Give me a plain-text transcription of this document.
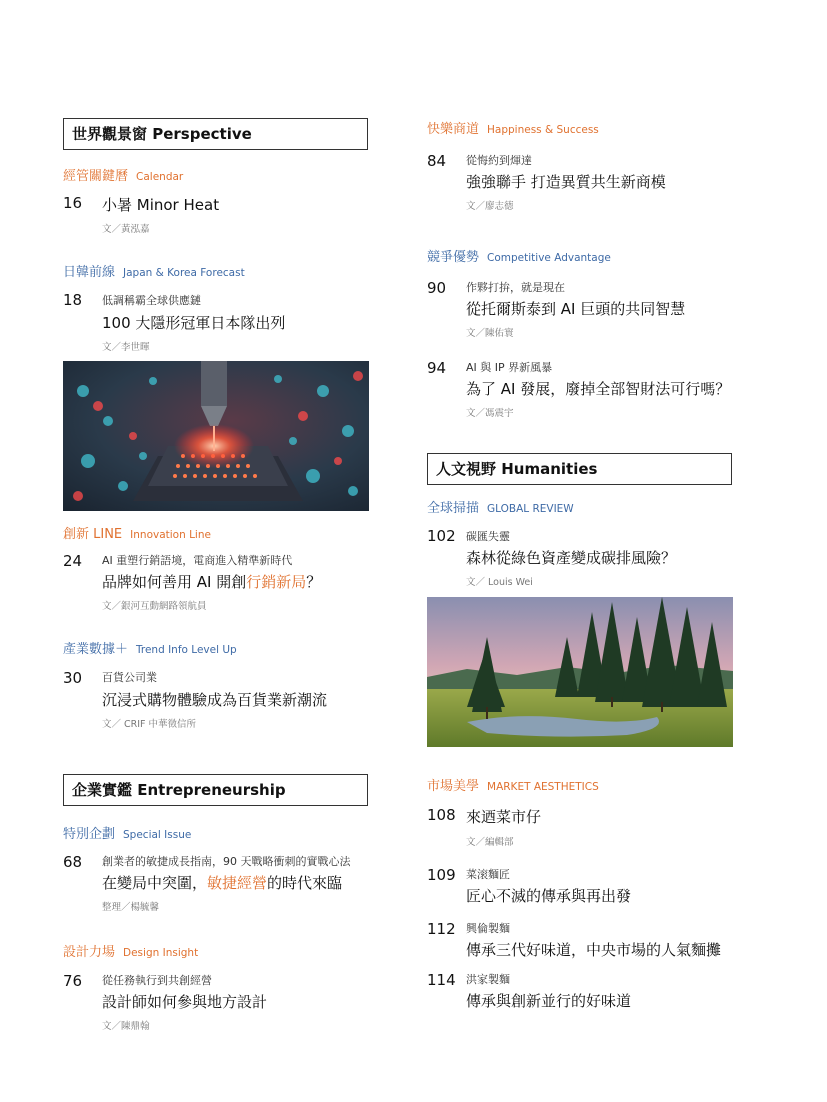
世界觀景窗 Perspective
經管關鍵曆 Calendar
16 小暑 Minor Heat
文／黃泓嘉
日韓前線 Japan & Korea Forecast
18 低調稱霸全球供應鏈
100 大隱形冠軍日本隊出列
文／李世暉
創新 LINE Innovation Line
24 AI 重塑行銷語境，電商進入精準新時代
品牌如何善用 AI 開創行銷新局？
文／銀河互動網路領航員
產業數據＋ Trend Info Level Up
30 百貨公司業
沉浸式購物體驗成為百貨業新潮流
文／ CRIF 中華徵信所
企業實鑑 Entrepreneurship
特別企劃 Special Issue
68 創業者的敏捷成長指南，90 天戰略衝刺的實戰心法
在變局中突圍，敏捷經營的時代來臨
整理／楊毓馨
設計力場 Design Insight
76 從任務執行到共創經營
設計師如何參與地方設計
文／陳鼎翰
快樂商道 Happiness & Success
84 從悔約到煇達
強強聯手 打造異質共生新商模
文／廖志德
競爭優勢 Competitive Advantage
90 作夥打拚，就是現在
從托爾斯泰到 AI 巨頭的共同智慧
文／陳佑寰
94 AI 與 IP 界新風暴
為了 AI 發展，廢掉全部智財法可行嗎？
文／馮震宇
人文視野 Humanities
全球掃描 GLOBAL REVIEW
102 碳匯失靈
森林從綠色資產變成碳排風險？
文／ Louis Wei
市場美學 MARKET AESTHETICS
108 來迺菜市仔
文／編輯部
109 菜滚麵匠
匠心不滅的傳承與再出發
112 興倫製麵
傳承三代好味道，中央市場的人氣麵攤
114 洪家製麵
傳承與創新並行的好味道
